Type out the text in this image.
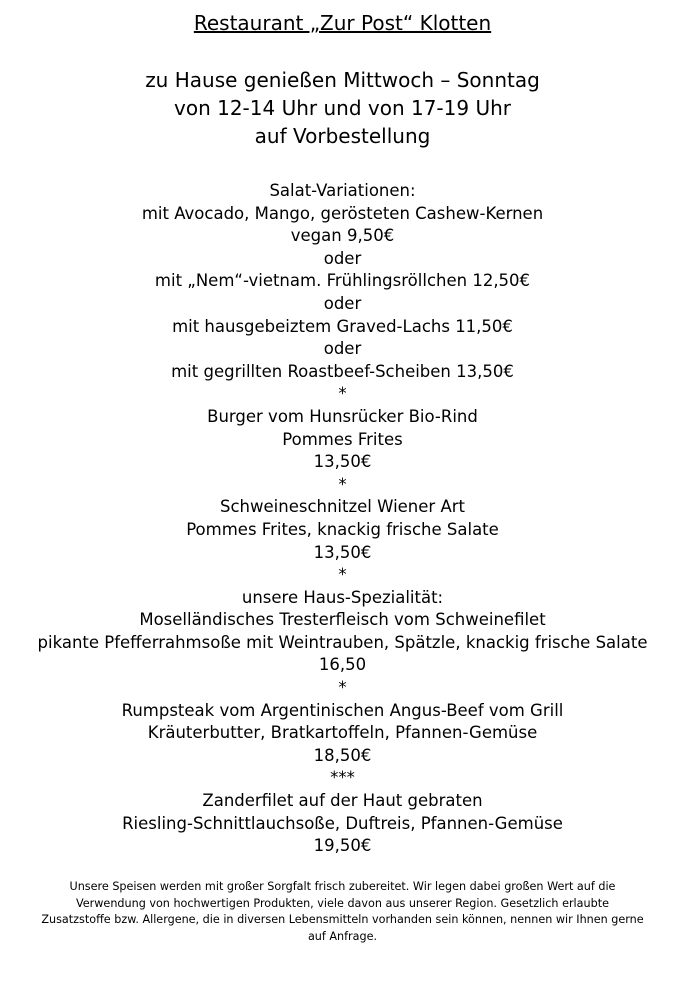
Restaurant „Zur Post“ Klotten
zu Hause genießen Mittwoch – Sonntag
von 12-14 Uhr und von 17-19 Uhr
auf Vorbestellung
Salat-Variationen:
mit Avocado, Mango, gerösteten Cashew-Kernen
vegan 9,50€
oder
mit „Nem“-vietnam. Frühlingsröllchen 12,50€
oder
mit hausgebeiztem Graved-Lachs 11,50€
oder
mit gegrillten Roastbeef-Scheiben 13,50€
*
Burger vom Hunsrücker Bio-Rind
Pommes Frites
13,50€
*
Schweineschnitzel Wiener Art
Pommes Frites, knackig frische Salate
13,50€
*
unsere Haus-Spezialität:
Moselländisches Tresterfleisch vom Schweinefilet
pikante Pfefferrahmsoße mit Weintrauben, Spätzle, knackig frische Salate
16,50
*
Rumpsteak vom Argentinischen Angus-Beef vom Grill
Kräuterbutter, Bratkartoffeln, Pfannen-Gemüse
18,50€
***
Zanderfilet auf der Haut gebraten
Riesling-Schnittlauchsoße, Duftreis, Pfannen-Gemüse
19,50€
Unsere Speisen werden mit großer Sorgfalt frisch zubereitet. Wir legen dabei großen Wert auf die Verwendung von hochwertigen Produkten, viele davon aus unserer Region. Gesetzlich erlaubte Zusatzstoffe bzw. Allergene, die in diversen Lebensmitteln vorhanden sein können, nennen wir Ihnen gerne auf Anfrage.
